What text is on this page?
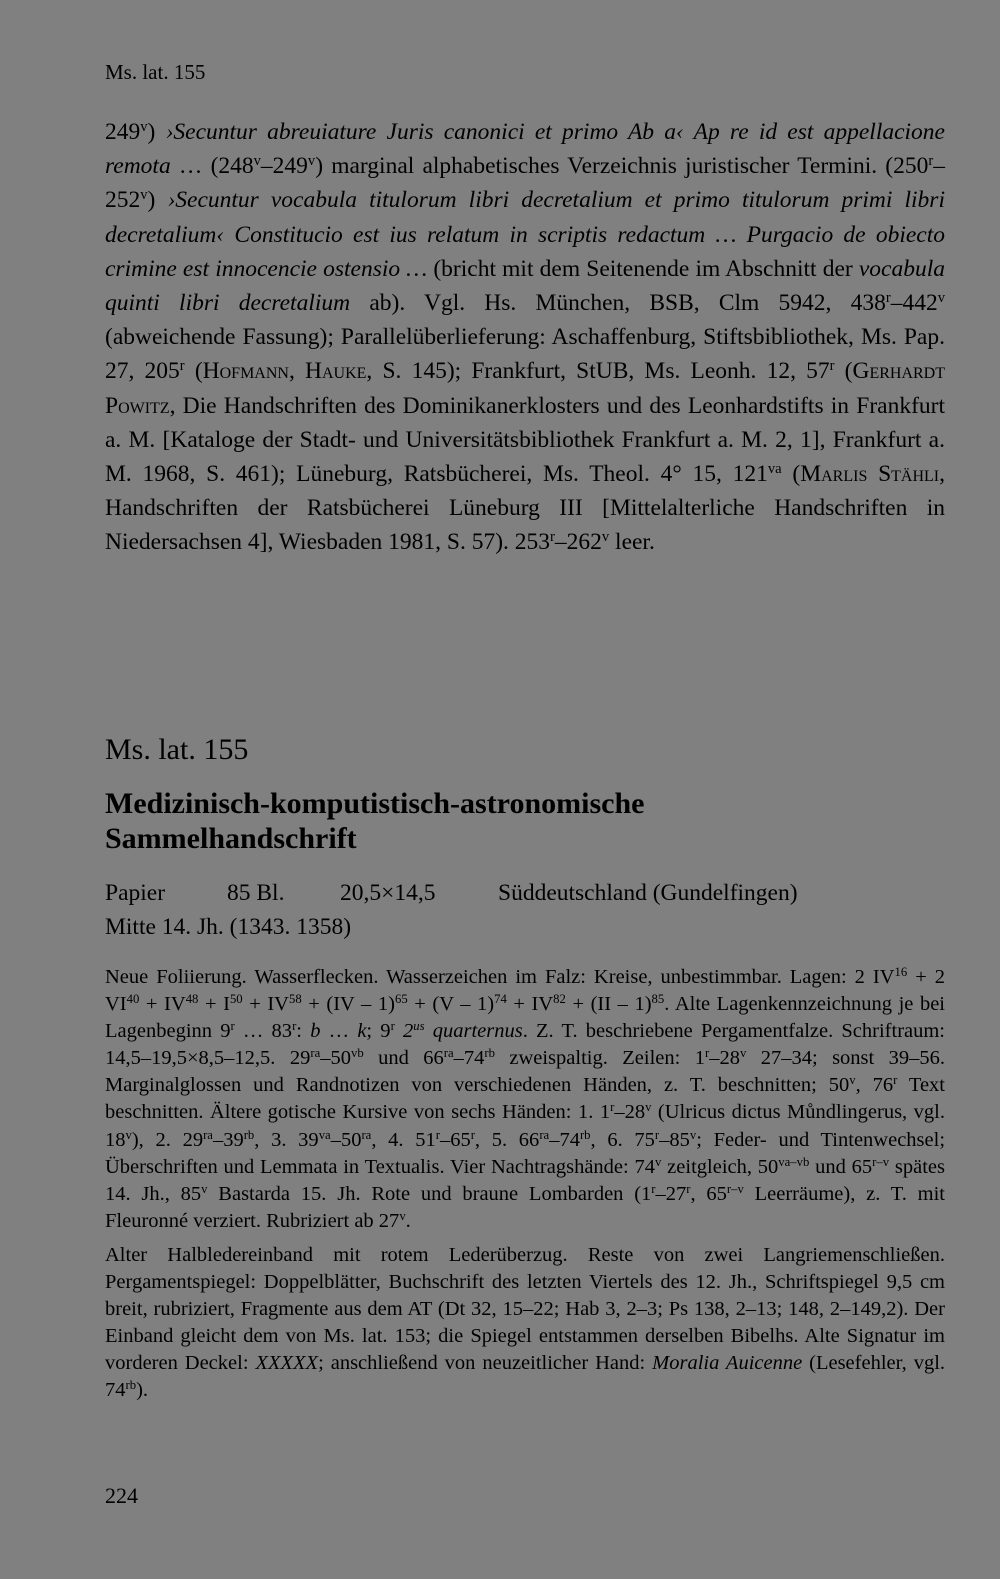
Ms. lat. 155

249$^v$) ›Secuntur abreuiature Juris canonici et primo Ab a‹ Ap re id est appellacione remota … (248$^v$–249$^v$) marginal alphabetisches Verzeichnis juristischer Termini. (250$^r$–252$^v$) ›Secuntur vocabula titulorum libri decretalium et primo titulorum primi libri decretalium‹ Constitucio est ius relatum in scriptis redactum … Purgacio de obiecto crimine est innocencie ostensio … (bricht mit dem Seitenende im Abschnitt der vocabula quinti libri decretalium ab). Vgl. Hs. München, BSB, Clm 5942, 438$^r$–442$^v$ (abweichende Fassung); Parallelüberlieferung: Aschaffenburg, Stiftsbibliothek, Ms. Pap. 27, 205$^r$ (Hofmann, Hauke, S. 145); Frankfurt, StUB, Ms. Leonh. 12, 57$^r$ (Gerhardt Powitz, Die Handschriften des Dominikanerklosters und des Leonhardstifts in Frankfurt a. M. [Kataloge der Stadt- und Universitätsbibliothek Frankfurt a. M. 2, 1], Frankfurt a. M. 1968, S. 461); Lüneburg, Ratsbücherei, Ms. Theol. 4° 15, $121^{va}$ (Marlis Stähli, Handschriften der Ratsbücherei Lüneburg III [Mittelalterliche Handschriften in Niedersachsen 4], Wiesbaden 1981, S. 57). 253$^r$–262$^v$ leer.

Ms. lat. 155
Medizinisch-komputistisch-astronomische
Sammelhandschrift
Papier	85 Bl. 20,5×14,5	Süddeutschland (Gundelfingen)
Mitte 14. Jh. (1343. 1358)

Neue Foliierung. Wasserflecken. Wasserzeichen im Falz: Kreise, unbestimmbar. Lagen: 2 $IV^{16} + 2$ $VI^{40} + IV^{48} + I^{50} + IV^{58} + (IV - 1)^{65} + (V - 1)^{74} + IV^{82} + (II - 1)^{85}$. Alte Lagenkennzeichnung je bei Lagenbeginn 9$^r$ … 83$^r$: b … k; 9$^r$ $2^{us}$ quarternus. Z. T. beschriebene Pergamentfalze. Schriftraum: 14,5–19,5×8,5–12,5. $29^{ra}-50^{vb}$ und $66^{ra}-74^{rb}$ zweispaltig. Zeilen: 1$^r$–28$^v$ 27–34; sonst 39–56. Marginalglossen und Randnotizen von verschiedenen Händen, z. T. beschnitten; 50$^v$, 76$^r$ Text beschnitten. Ältere gotische Kursive von sechs Händen: 1. 1$^r$–28$^v$ (Ulricus dictus Můndlingerus, vgl. 18$^v$), 2. $29^{ra}-39^{rb}$, 3. $39^{va}-50^{ra}$, 4. 51$^r$–65$^r$, 5. $66^{ra}-74^{rb}$, 6. 75$^r$–85$^v$; Feder- und Tintenwechsel; Überschriften und Lemmata in Textualis. Vier Nachtragshände: 74$^v$ zeitgleich, $50^{va-vb}$ und 65$^{r-v}$ spätes 14. Jh., 85$^v$ Bastarda 15. Jh. Rote und braune Lombarden (1$^r$–27$^r$, 65$^{r-v}$ Leerräume), z. T. mit Fleuronné verziert. Rubriziert ab 27$^v$.

Alter Halbledereinband mit rotem Lederüberzug. Reste von zwei Langriemenschließen. Pergamentspiegel: Doppelblätter, Buchschrift des letzten Viertels des 12. Jh., Schriftspiegel 9,5 cm breit, rubriziert, Fragmente aus dem AT (Dt 32, 15–22; Hab 3, 2–3; Ps 138, 2–13; 148, 2–149,2). Der Einband gleicht dem von Ms. lat. 153; die Spiegel entstammen derselben Bibelhs. Alte Signatur im vorderen Deckel: XXXXX; anschließend von neuzeitlicher Hand: Moralia Auicenne (Lesefehler, vgl. $74^{rb}$).

224
